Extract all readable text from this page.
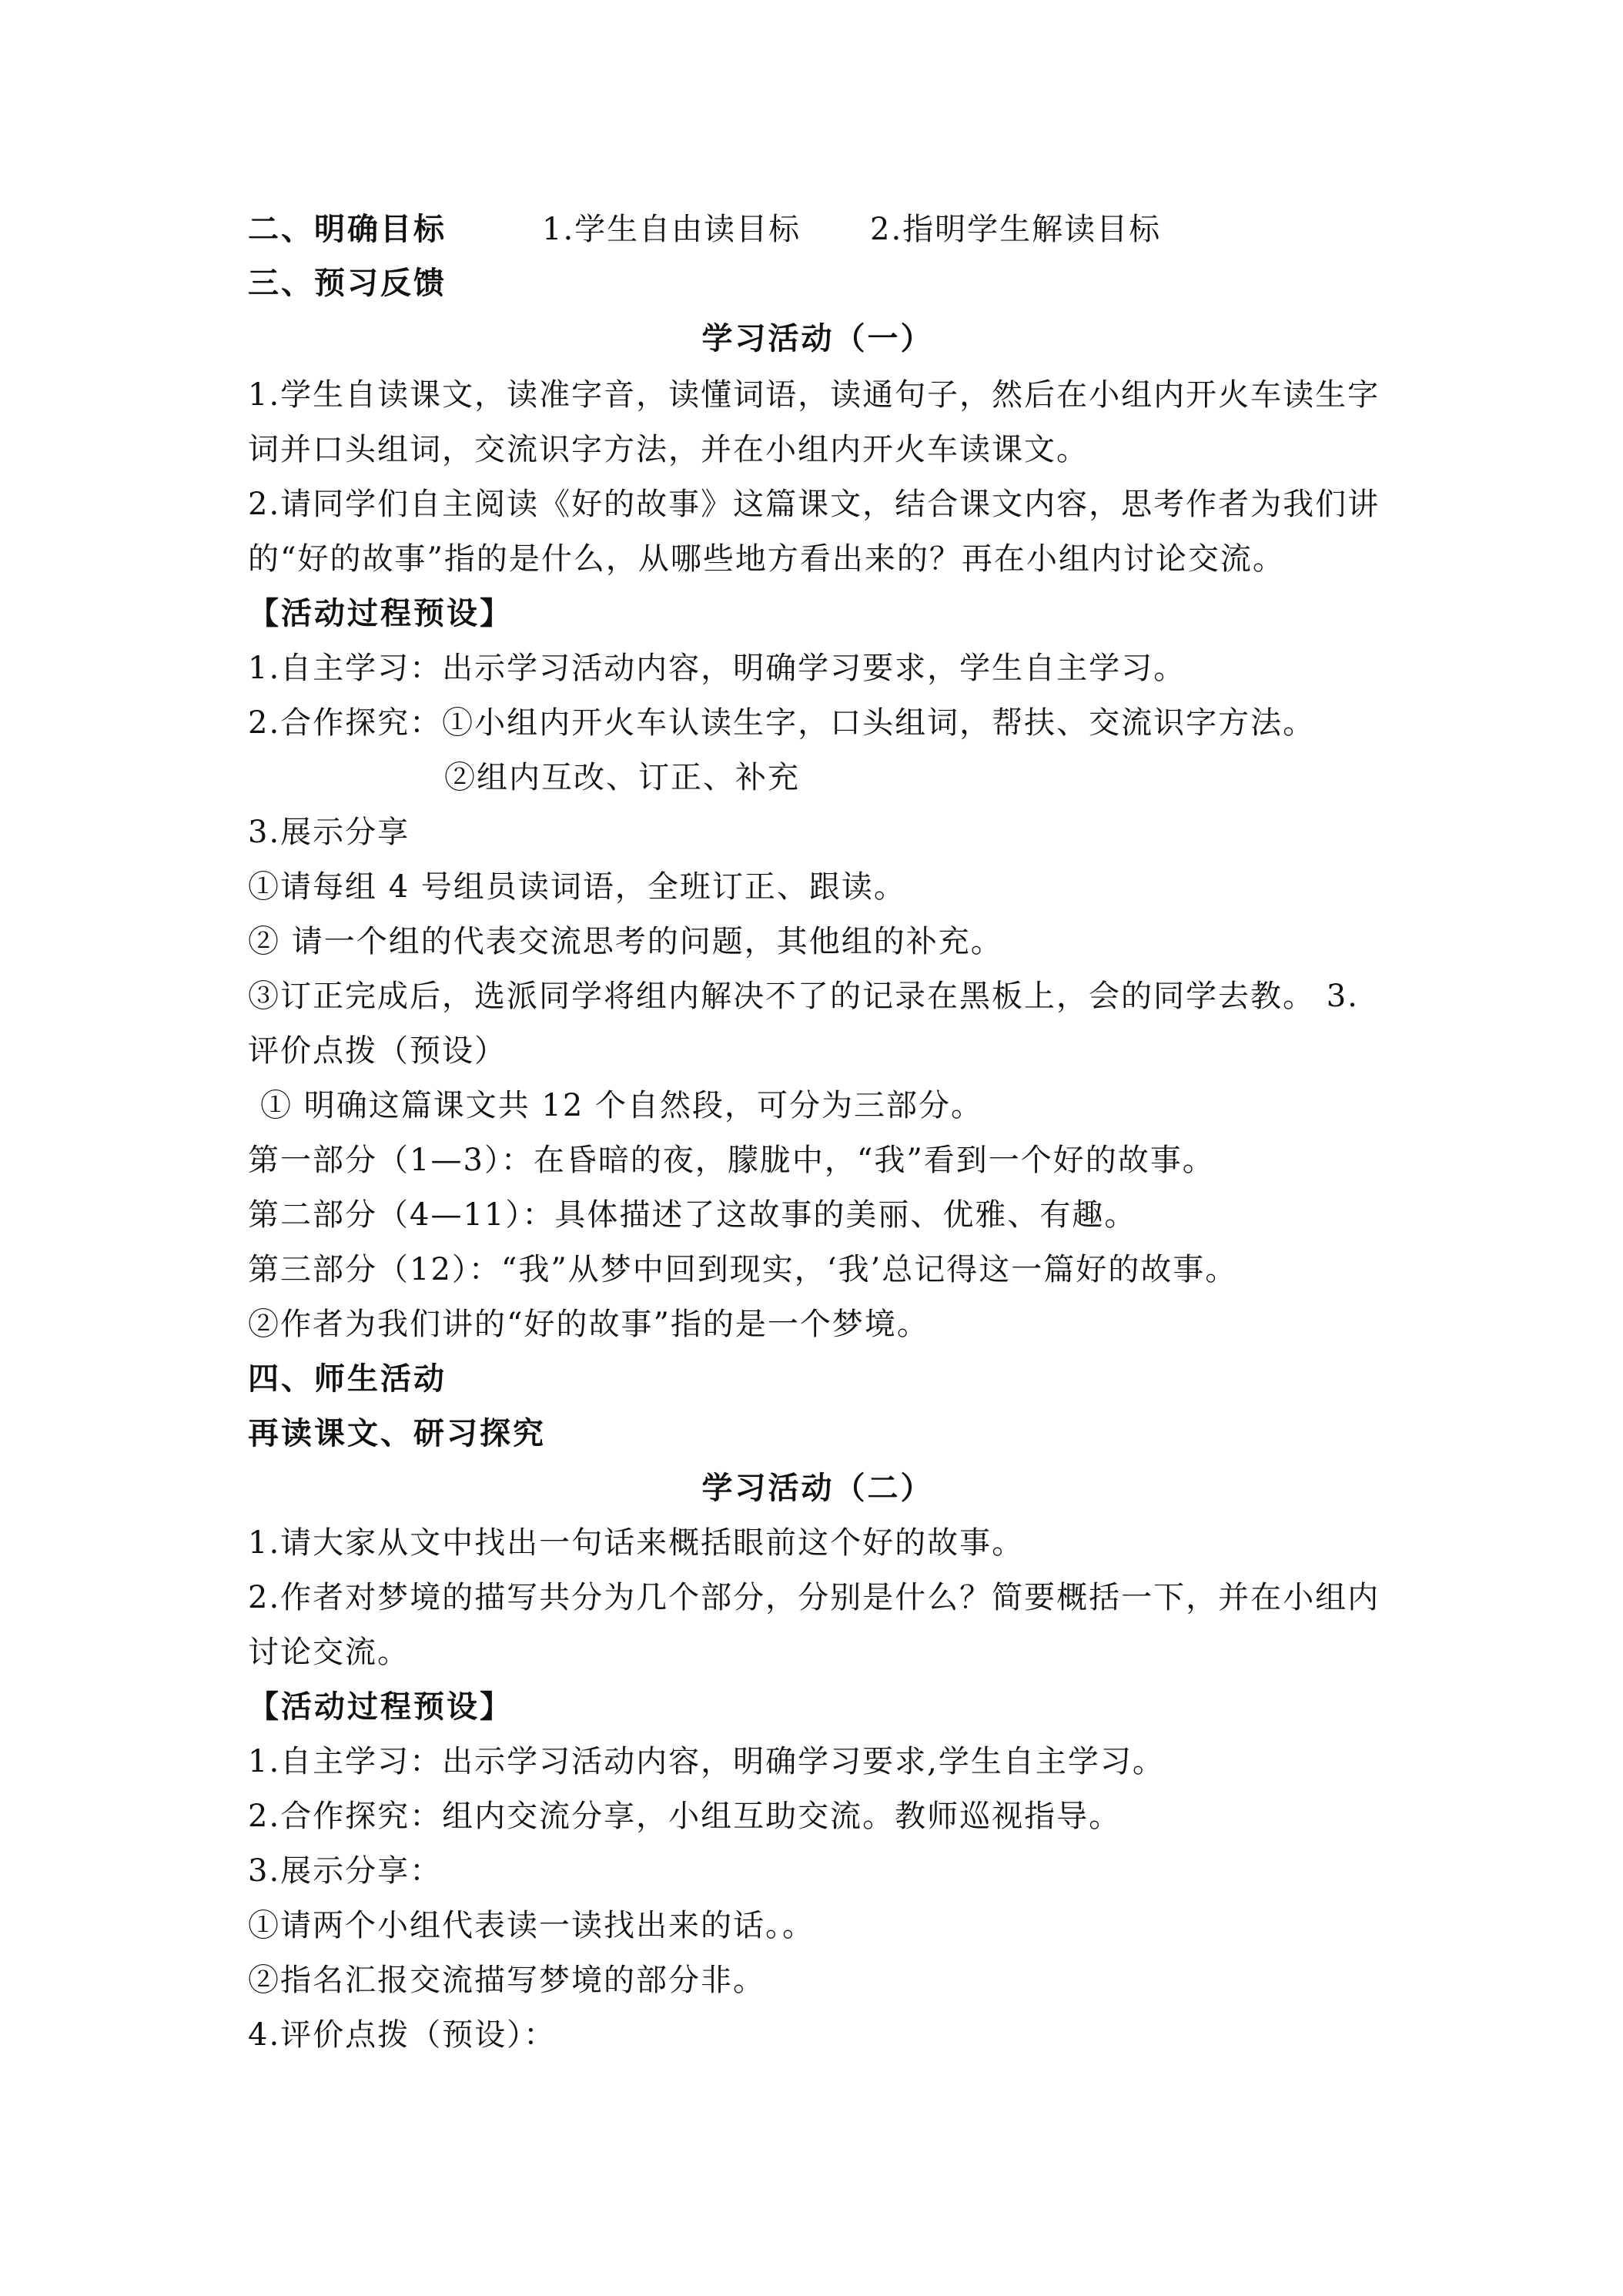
二、明确目标	1.学生自由读目标 2.指明学生解读目标
三、预习反馈
学习活动（一）
1.学生自读课文，读准字音，读懂词语，读通句子，然后在小组内开火车读生字
词并口头组词，交流识字方法，并在小组内开火车读课文。
2.请同学们自主阅读《好的故事》这篇课文，结合课文内容，思考作者为我们讲
的“好的故事”指的是什么，从哪些地方看出来的？再在小组内讨论交流。
【活动过程预设】
1.自主学习：出示学习活动内容，明确学习要求，学生自主学习。
2.合作探究：①小组内开火车认读生字，口头组词，帮扶、交流识字方法。
②组内互改、订正、补充
3.展示分享
①请每组 4 号组员读词语，全班订正、跟读。
② 请一个组的代表交流思考的问题，其他组的补充。
③订正完成后，选派同学将组内解决不了的记录在黑板上，会的同学去教。 3.
评价点拨（预设）
① 明确这篇课文共 12 个自然段，可分为三部分。
第一部分（1—3）：在昏暗的夜，朦胧中，“我”看到一个好的故事。
第二部分（4—11）：具体描述了这故事的美丽、优雅、有趣。
第三部分（12）：“我”从梦中回到现实，‘我’总记得这一篇好的故事。
②作者为我们讲的“好的故事”指的是一个梦境。
四、师生活动
再读课文、研习探究
学习活动（二）
1.请大家从文中找出一句话来概括眼前这个好的故事。
2.作者对梦境的描写共分为几个部分，分别是什么？简要概括一下，并在小组内
讨论交流。
【活动过程预设】
1.自主学习：出示学习活动内容，明确学习要求,学生自主学习。
2.合作探究：组内交流分享，小组互助交流。教师巡视指导。
3.展示分享：
①请两个小组代表读一读找出来的话。。
②指名汇报交流描写梦境的部分非。
4.评价点拨（预设）：
